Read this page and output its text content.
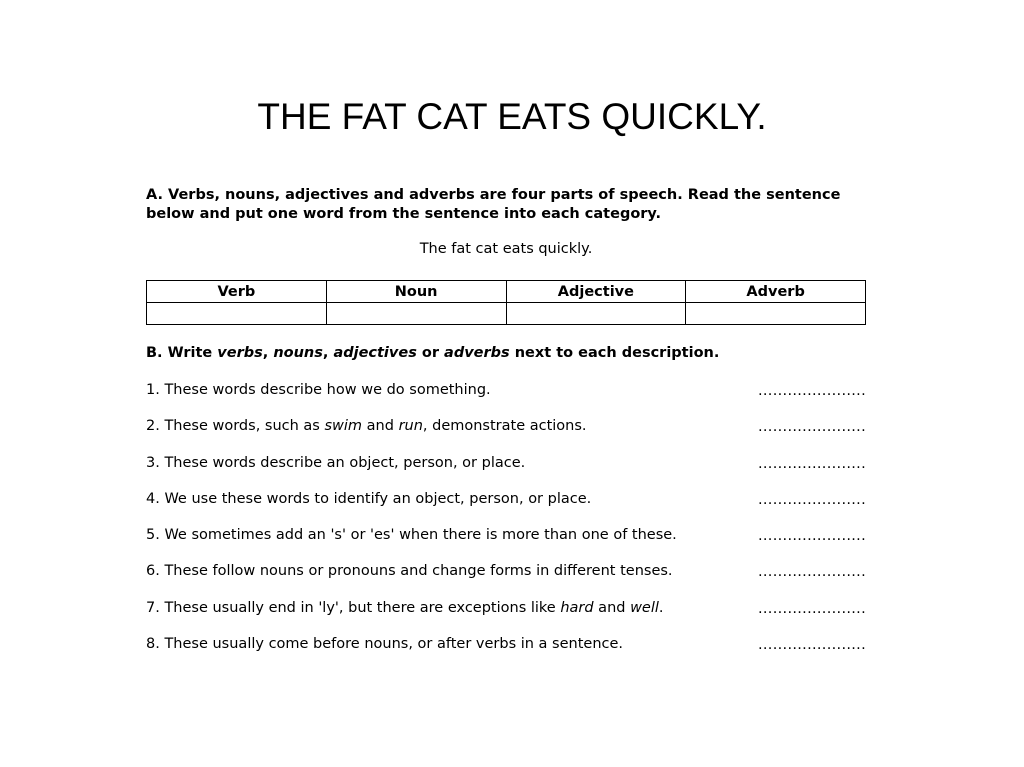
THE FAT CAT EATS QUICKLY.

A. Verbs, nouns, adjectives and adverbs are four parts of speech. Read the sentence below and put one word from the sentence into each category.

The fat cat eats quickly.

Verb	Noun	Adjective	Adverb

B. Write verbs, nouns, adjectives or adverbs next to each description.

1. These words describe how we do something.	......................
2. These words, such as swim and run, demonstrate actions.	......................
3. These words describe an object, person, or place.	......................
4. We use these words to identify an object, person, or place.	......................
5. We sometimes add an 's' or 'es' when there is more than one of these.	......................
6. These follow nouns or pronouns and change forms in different tenses.	......................
7. These usually end in 'ly', but there are exceptions like hard and well.	......................
8. These usually come before nouns, or after verbs in a sentence.	......................
